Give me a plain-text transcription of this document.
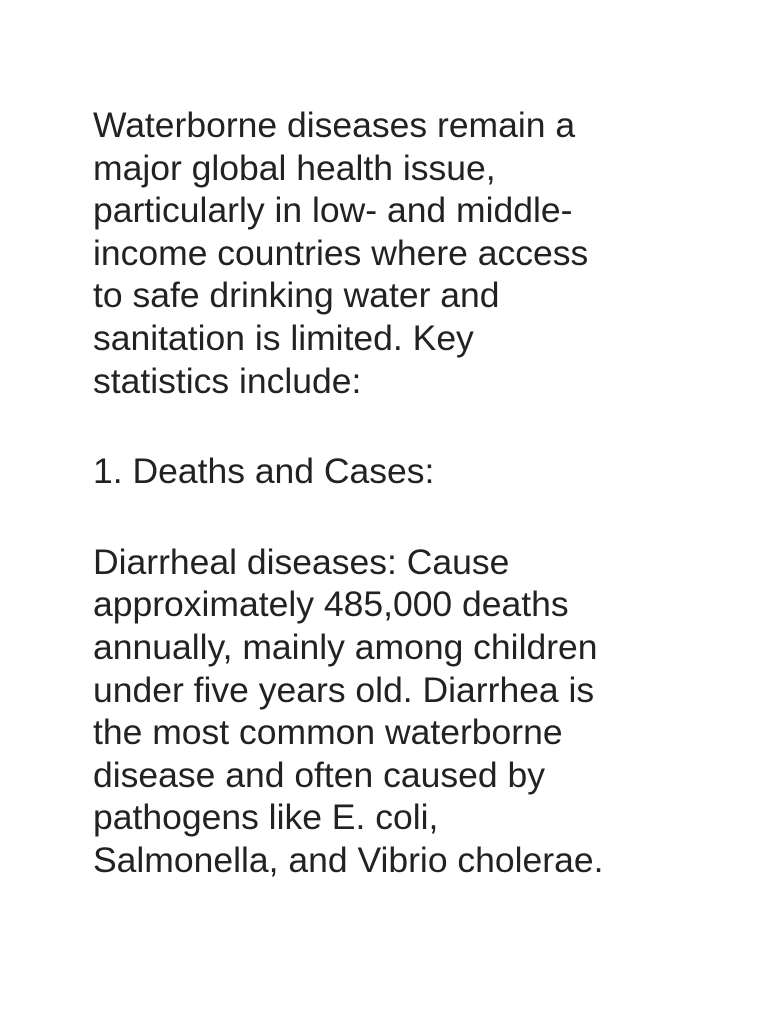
Waterborne diseases remain a
major global health issue,
particularly in low- and middle-
income countries where access
to safe drinking water and
sanitation is limited. Key
statistics include:

1. Deaths and Cases:

Diarrheal diseases: Cause
approximately 485,000 deaths
annually, mainly among children
under five years old. Diarrhea is
the most common waterborne
disease and often caused by
pathogens like E. coli,
Salmonella, and Vibrio cholerae.
